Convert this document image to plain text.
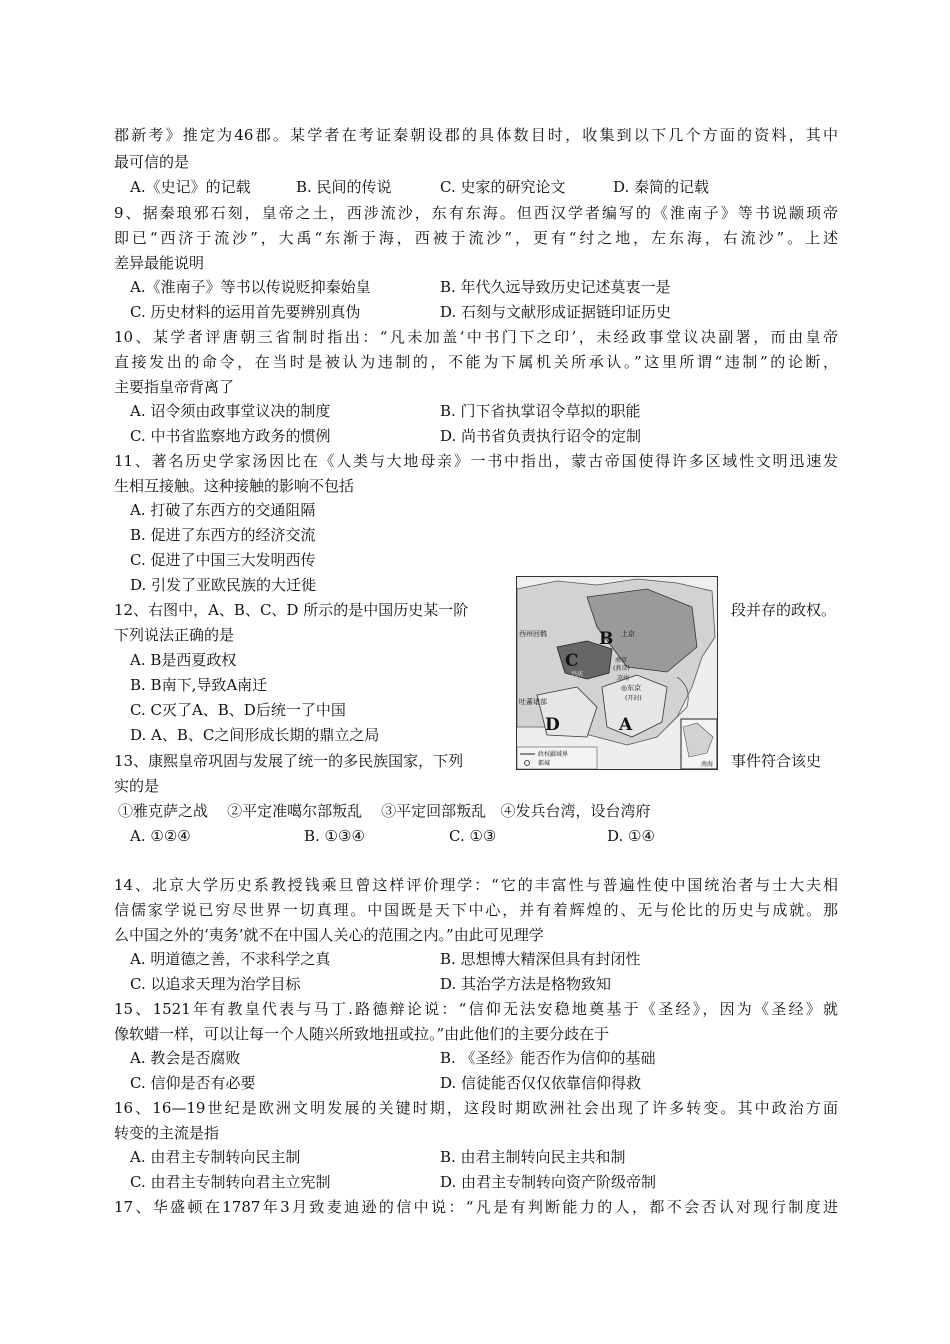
郡新考》推定为46郡。某学者在考证秦朝设郡的具体数目时，收集到以下几个方面的资料，其中
最可信的是
A.《史记》的记载	B. 民间的传说	C. 史家的研究论文	D. 秦简的记载
9、据秦琅邪石刻，皇帝之土，西涉流沙，东有东海。但西汉学者编写的《淮南子》等书说颛顼帝
即已“西济于流沙”，大禹“东渐于海，西被于流沙”，更有“纣之地，左东海，右流沙”。上述
差异最能说明
A.《淮南子》等书以传说贬抑秦始皇	B. 年代久远导致历史记述莫衷一是
C. 历史材料的运用首先要辨别真伪	D. 石刻与文献形成证据链印证历史
10、某学者评唐朝三省制时指出：“凡未加盖‘中书门下之印’，未经政事堂议决副署，而由皇帝
直接发出的命令，在当时是被认为违制的，不能为下属机关所承认。”这里所谓“违制”的论断，
主要指皇帝背离了
A. 诏令须由政事堂议决的制度	B. 门下省执掌诏令草拟的职能
C. 中书省监察地方政务的惯例	D. 尚书省负责执行诏令的定制
11、著名历史学家汤因比在《人类与大地母亲》一书中指出，蒙古帝国使得许多区域性文明迅速发
生相互接触。这种接触的影响不包括
A. 打破了东西方的交通阻隔
B. 促进了东西方的经济交流
C. 促进了中国三大发明西传
D. 引发了亚欧民族的大迁徙
12、右图中，A、B、C、D 所示的是中国历史某一阶	段并存的政权。
下列说法正确的是
A. B是西夏政权
B. B南下,导致A南迁
C. C灭了A、B、D后统一了中国
D. A、B、C之间形成长期的鼎立之局
B
C
A
D
西州回鹘
吐蕃诸部
上京
兴庆
南京
(燕京)
凉州
◎东京
(开封)
政权疆域界
都城	南海
13、康熙皇帝巩固与发展了统一的多民族国家，下列	事件符合该史
实的是
①雅克萨之战    ②平定准噶尔部叛乱    ③平定回部叛乱   ④发兵台湾，设台湾府
A. ①②④	B. ①③④	C. ①③	D. ①④
14、北京大学历史系教授钱乘旦曾这样评价理学：“它的丰富性与普遍性使中国统治者与士大夫相
信儒家学说已穷尽世界一切真理。中国既是天下中心，并有着辉煌的、无与伦比的历史与成就。那
么中国之外的‘夷务’就不在中国人关心的范围之内。”由此可见理学
A. 明道德之善，不求科学之真	B. 思想博大精深但具有封闭性
C. 以追求天理为治学目标	D. 其治学方法是格物致知
15、1521年有教皇代表与马丁.路德辩论说：“信仰无法安稳地奠基于《圣经》，因为《圣经》就
像软蜡一样，可以让每一个人随兴所致地扭或拉。”由此他们的主要分歧在于
A. 教会是否腐败	B. 《圣经》能否作为信仰的基础
C. 信仰是否有必要	D. 信徒能否仅仅依靠信仰得救
16、16—19世纪是欧洲文明发展的关键时期，这段时期欧洲社会出现了许多转变。其中政治方面
转变的主流是指
A. 由君主专制转向民主制	B. 由君主制转向民主共和制
C. 由君主专制转向君主立宪制	D. 由君主专制转向资产阶级帝制
17、华盛顿在1787年3月致麦迪逊的信中说：“凡是有判断能力的人，都不会否认对现行制度进
